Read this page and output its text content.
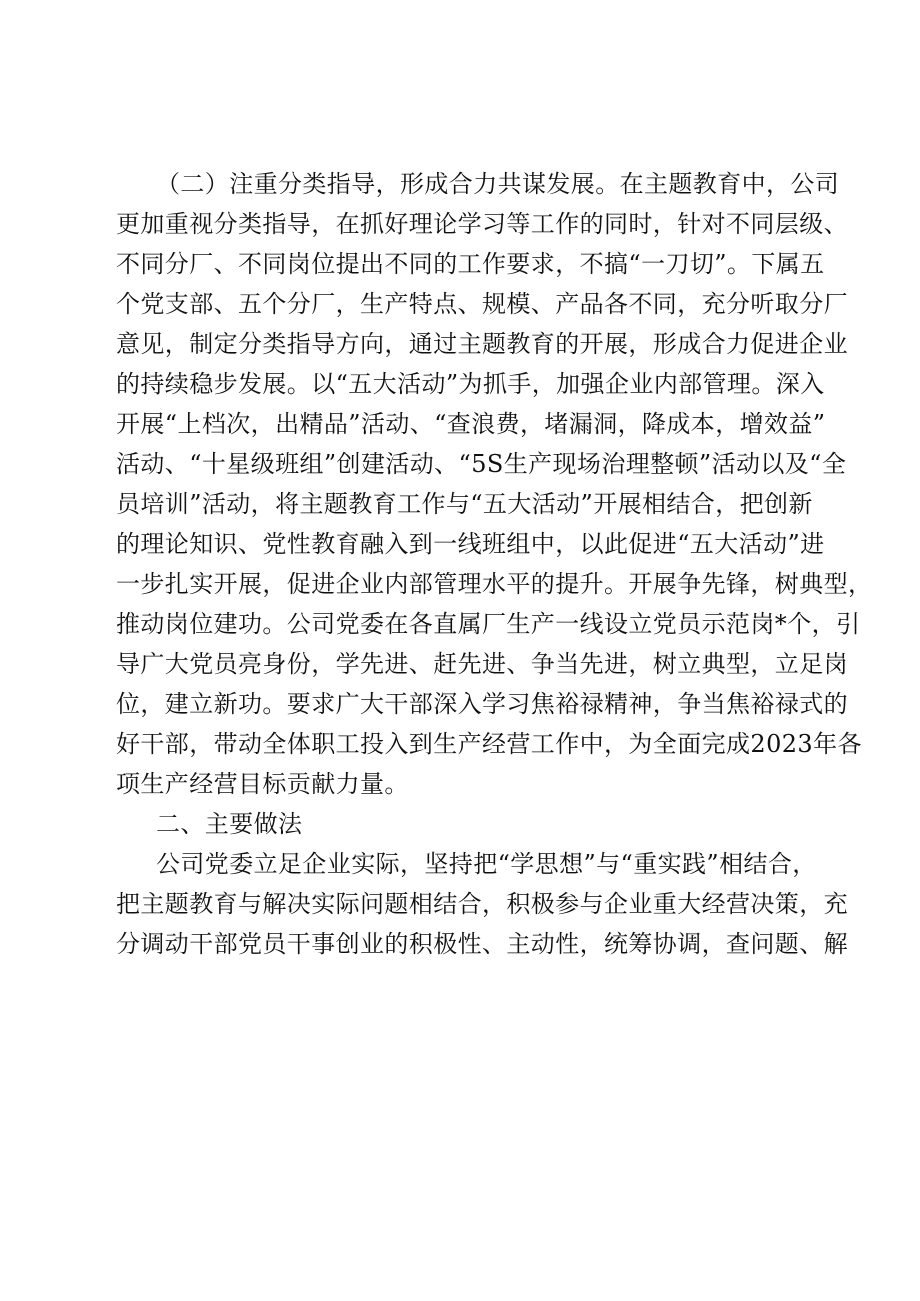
（二）注重分类指导，形成合力共谋发展。在主题教育中，公司
更加重视分类指导，在抓好理论学习等工作的同时，针对不同层级、
不同分厂、不同岗位提出不同的工作要求，不搞“一刀切”。下属五
个党支部、五个分厂，生产特点、规模、产品各不同，充分听取分厂
意见，制定分类指导方向，通过主题教育的开展，形成合力促进企业
的持续稳步发展。以“五大活动”为抓手，加强企业内部管理。深入
开展“上档次，出精品”活动、“查浪费，堵漏洞，降成本，增效益”
活动、“十星级班组”创建活动、“5S生产现场治理整顿”活动以及“全
员培训”活动，将主题教育工作与“五大活动”开展相结合，把创新
的理论知识、党性教育融入到一线班组中，以此促进“五大活动”进
一步扎实开展，促进企业内部管理水平的提升。开展争先锋，树典型，
推动岗位建功。公司党委在各直属厂生产一线设立党员示范岗*个，引
导广大党员亮身份，学先进、赶先进、争当先进，树立典型，立足岗
位，建立新功。要求广大干部深入学习焦裕禄精神，争当焦裕禄式的
好干部，带动全体职工投入到生产经营工作中，为全面完成2023年各
项生产经营目标贡献力量。
二、主要做法
公司党委立足企业实际，坚持把“学思想”与“重实践”相结合，
把主题教育与解决实际问题相结合，积极参与企业重大经营决策，充
分调动干部党员干事创业的积极性、主动性，统筹协调，查问题、解
